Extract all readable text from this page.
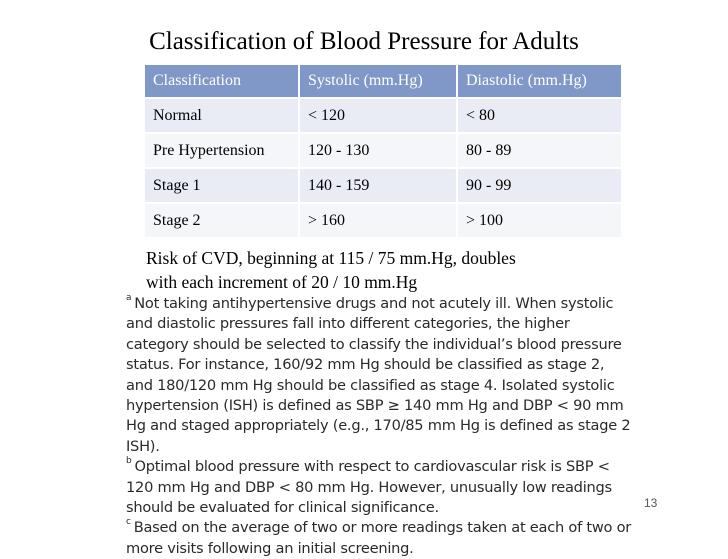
Classification of Blood Pressure for Adults
Classification	Systolic (mm.Hg)	Diastolic (mm.Hg)
Normal	< 120	< 80
Pre Hypertension	120 - 130	80 - 89
Stage 1	140 - 159	90 - 99
Stage 2	> 160	> 100
Risk of CVD, beginning at 115 / 75 mm.Hg, doubles
with each increment of 20 / 10 mm.Hg
$^a$ Not taking antihypertensive drugs and not acutely ill. When systolic and diastolic pressures fall into different categories, the higher category should be selected to classify the individual’s blood pressure status. For instance, 160/92 mm Hg should be classified as stage 2, and 180/120 mm Hg should be classified as stage 4. Isolated systolic hypertension (ISH) is defined as SBP ≥ 140 mm Hg and DBP < 90 mm Hg and staged appropriately (e.g., 170/85 mm Hg is defined as stage 2 ISH).
$^b$ Optimal blood pressure with respect to cardiovascular risk is SBP < 120 mm Hg and DBP < 80 mm Hg. However, unusually low readings should be evaluated for clinical significance.
$^c$ Based on the average of two or more readings taken at each of two or more visits following an initial screening.
13
